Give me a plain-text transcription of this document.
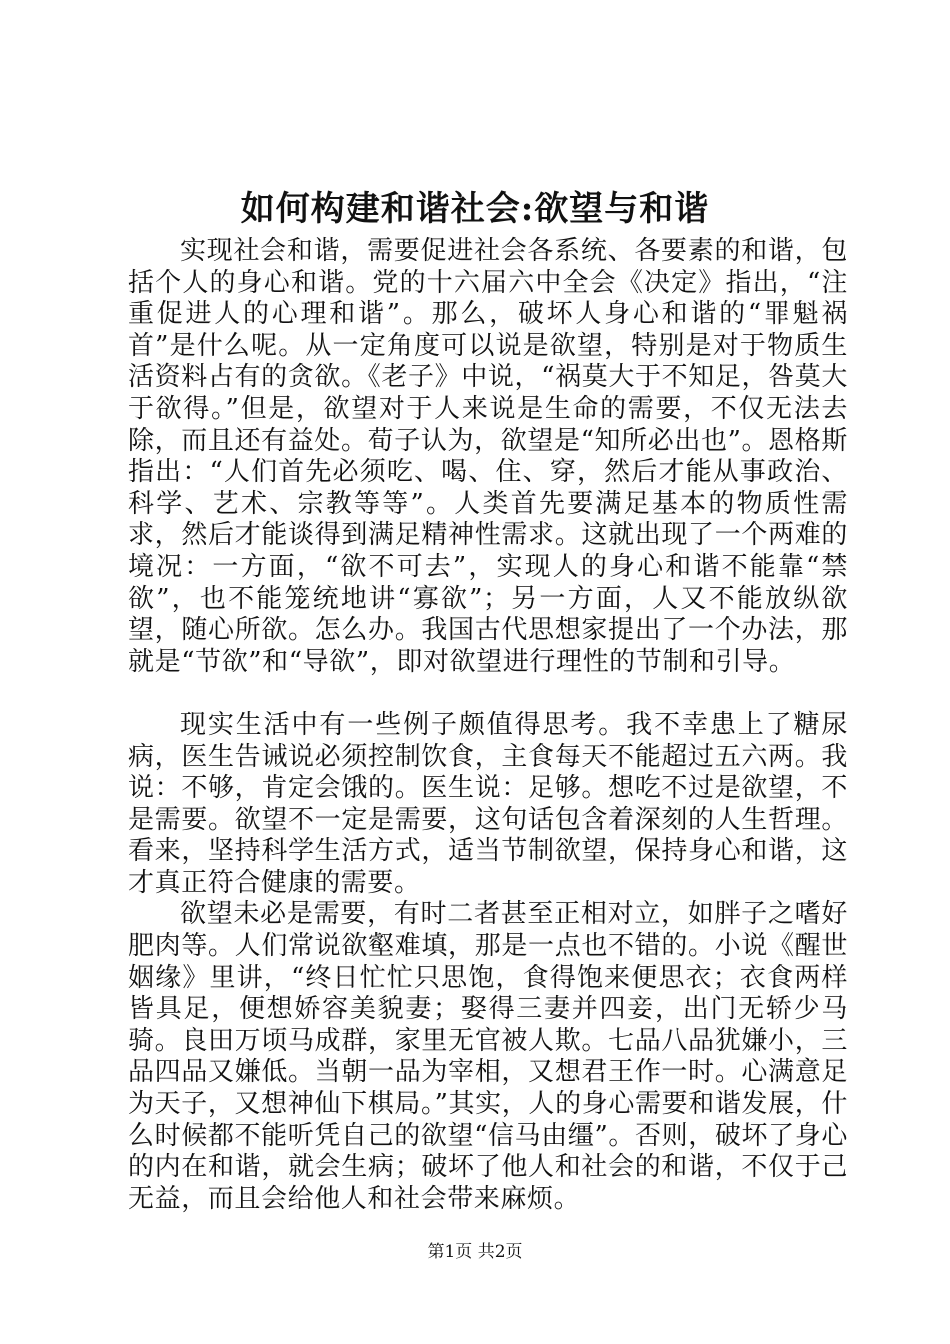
如何构建和谐社会:欲望与和谐

实现社会和谐，需要促进社会各系统、各要素的和谐，包括个人的身心和谐。党的十六届六中全会《决定》指出，“注重促进人的心理和谐”。那么，破坏人身心和谐的“罪魁祸首”是什么呢。从一定角度可以说是欲望，特别是对于物质生活资料占有的贪欲。《老子》中说，“祸莫大于不知足，咎莫大于欲得。”但是，欲望对于人来说是生命的需要，不仅无法去除，而且还有益处。荀子认为，欲望是“知所必出也”。恩格斯指出：“人们首先必须吃、喝、住、穿，然后才能从事政治、科学、艺术、宗教等等”。人类首先要满足基本的物质性需求，然后才能谈得到满足精神性需求。这就出现了一个两难的境况：一方面，“欲不可去”，实现人的身心和谐不能靠“禁欲”，也不能笼统地讲“寡欲”；另一方面，人又不能放纵欲望，随心所欲。怎么办。我国古代思想家提出了一个办法，那就是“节欲”和“导欲”，即对欲望进行理性的节制和引导。

现实生活中有一些例子颇值得思考。我不幸患上了糖尿病，医生告诫说必须控制饮食，主食每天不能超过五六两。我说：不够，肯定会饿的。医生说：足够。想吃不过是欲望，不是需要。欲望不一定是需要，这句话包含着深刻的人生哲理。看来，坚持科学生活方式，适当节制欲望，保持身心和谐，这才真正符合健康的需要。

欲望未必是需要，有时二者甚至正相对立，如胖子之嗜好肥肉等。人们常说欲壑难填，那是一点也不错的。小说《醒世姻缘》里讲，“终日忙忙只思饱，食得饱来便思衣；衣食两样皆具足，便想娇容美貌妻；娶得三妻并四妾，出门无轿少马骑。良田万顷马成群，家里无官被人欺。七品八品犹嫌小，三品四品又嫌低。当朝一品为宰相，又想君王作一时。心满意足为天子，又想神仙下棋局。”其实，人的身心需要和谐发展，什么时候都不能听凭自己的欲望“信马由缰”。否则，破坏了身心的内在和谐，就会生病；破坏了他人和社会的和谐，不仅于己无益，而且会给他人和社会带来麻烦。

第1页 共2页
